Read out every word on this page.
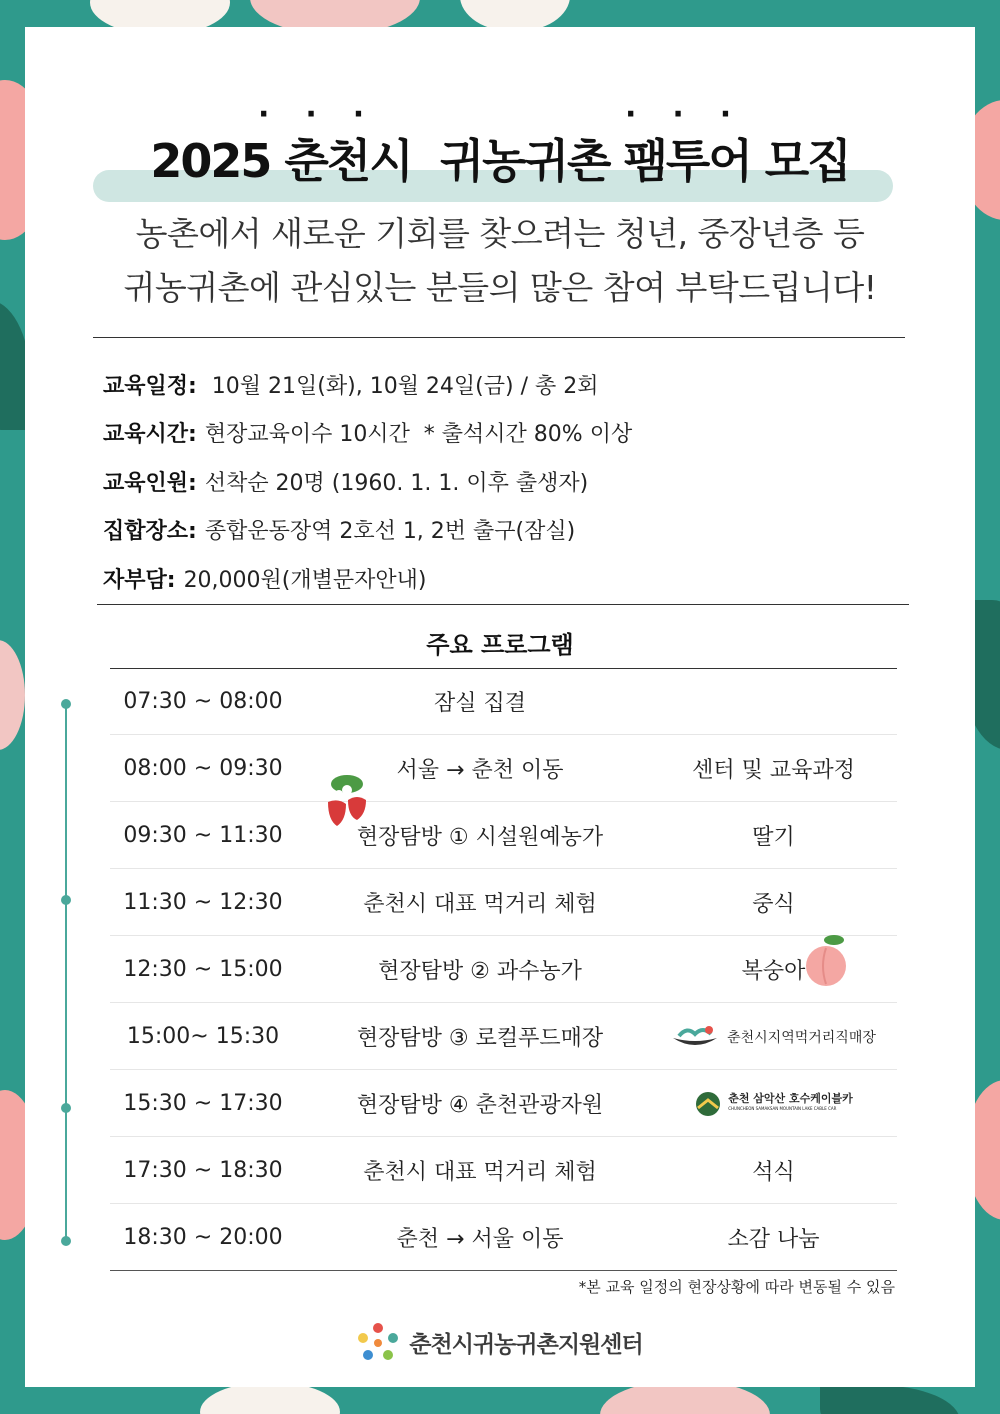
···	···
2025 춘천시  귀농귀촌 팸투어 모집
농촌에서 새로운 기회를 찾으려는 청년, 중장년층 등
귀농귀촌에 관심있는 분들의 많은 참여 부탁드립니다!
교육일정: 10월 21일(화), 10월 24일(금) / 총 2회
교육시간: 현장교육이수 10시간  * 출석시간 80% 이상
교육인원: 선착순 20명 (1960. 1. 1. 이후 출생자)
집합장소: 종합운동장역 2호선 1, 2번 출구(잠실)
자부담: 20,000원(개별문자안내)
주요 프로그램
07:30 ~ 08:00	잠실 집결
08:00 ~ 09:30	서울 → 춘천 이동	센터 및 교육과정
09:30 ~ 11:30	현장탐방 ① 시설원예농가	딸기
11:30 ~ 12:30	춘천시 대표 먹거리 체험	중식
12:30 ~ 15:00	현장탐방 ② 과수농가	복숭아
15:00~ 15:30	현장탐방 ③ 로컬푸드매장	춘천시지역먹거리직매장
15:30 ~ 17:30	현장탐방 ④ 춘천관광자원	춘천 삼악산 호수케이블카
CHUNCHEON SAMAKSAN MOUNTAIN LAKE CABLE CAR
17:30 ~ 18:30	춘천시 대표 먹거리 체험	석식
18:30 ~ 20:00	춘천 → 서울 이동	소감 나눔
*본 교육 일정의 현장상황에 따라 변동될 수 있음
춘천시귀농귀촌지원센터
